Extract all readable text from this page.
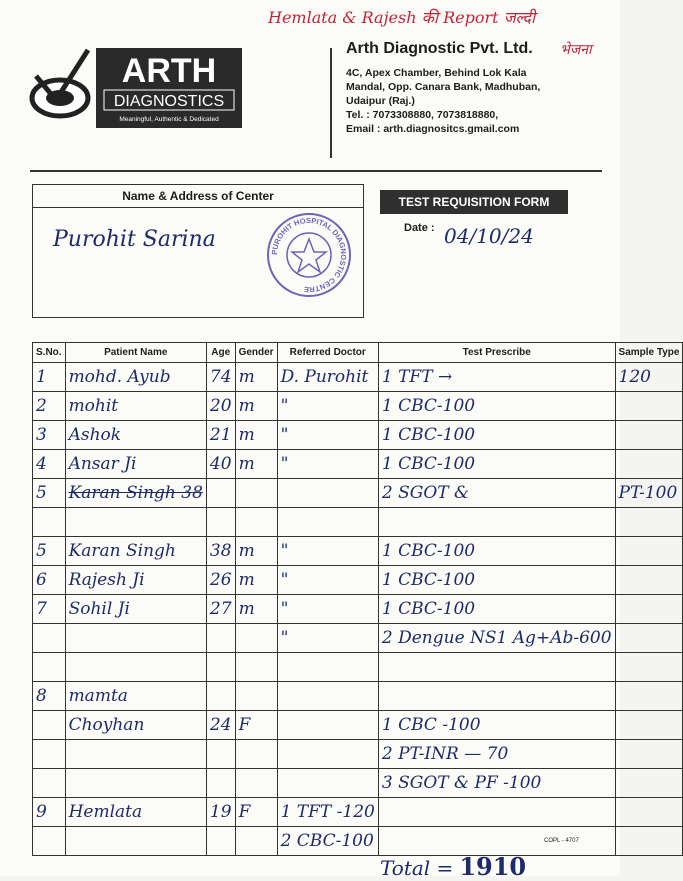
Hemlata & Rajesh की Report जल्दी
भेजना
ARTH
DIAGNOSTICS
Meaningful, Authentic & Dedicated
Arth Diagnostic Pvt. Ltd.
4C, Apex Chamber, Behind Lok Kala
Mandal, Opp. Canara Bank, Madhuban,
Udaipur (Raj.)
Tel. : 7073308880, 7073818880,
Email : arth.diagnositcs.gmail.com
Name & Address of Center
Purohit Sarina
PUROHIT HOSPITAL DIAGNOSTIC CENTRE
TEST REQUISITION FORM
Date : 04/10/24
S.No.	Patient Name	Age	Gender	Referred Doctor	Test Prescribe	Sample Type
1	mohd. Ayub	74	m	D. Purohit	1 TFT →	120
2	mohit	20	m	"	1 CBC-100	
3	Ashok	21	m	"	1 CBC-100	
4	Ansar Ji	40	m	"	1 CBC-100	
5	Karan Singh 38				2 SGOT &	PT-100

5	Karan Singh	38	m	"	1 CBC-100	
6	Rajesh Ji	26	m	"	1 CBC-100	
7	Sohil Ji	27	m	"	1 CBC-100	
				"	2 Dengue NS1 Ag+Ab-600	

8	mamta					
	Choyhan	24	F		1 CBC -100	
					2 PT-INR — 70	
					3 SGOT & PF -100	
9	Hemlata	19	F	1 TFT -120		
				2 CBC-100			COPL - 4707
Total = 1910
